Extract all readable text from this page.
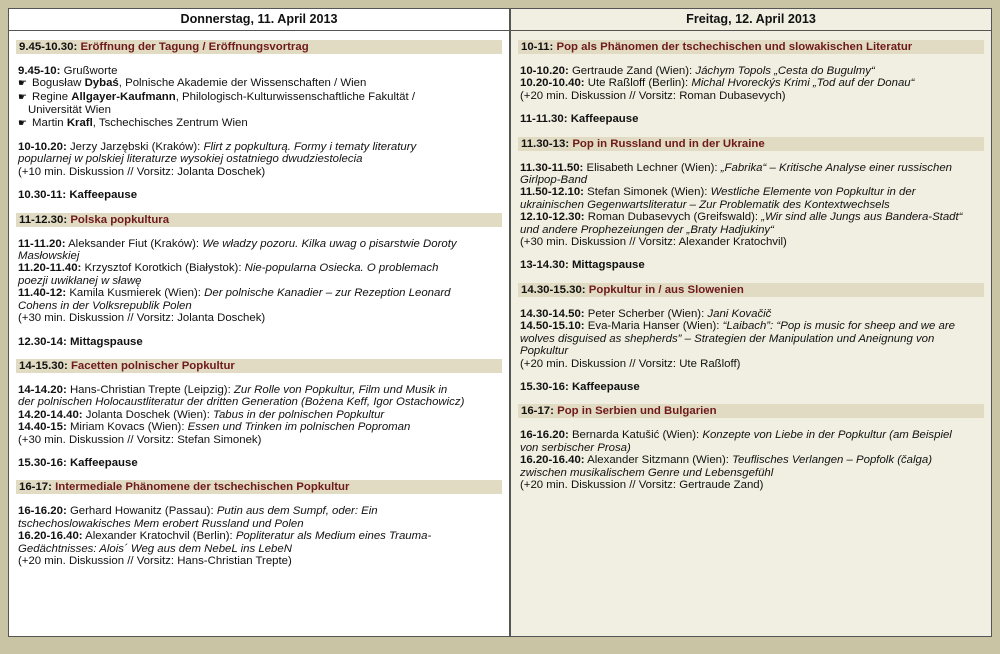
Donnerstag, 11. April 2013
9.45-10.30: Eröffnung der Tagung / Eröffnungsvortrag
9.45-10: Grußworte
☛ Bogusław Dybaś, Polnische Akademie der Wissenschaften / Wien
☛ Regine Allgayer-Kaufmann, Philologisch-Kulturwissenschaftliche Fakultät /
Universität Wien
☛ Martin Krafl, Tschechisches Zentrum Wien
10-10.20: Jerzy Jarzębski (Kraków): Flirt z popkulturą. Formy i tematy literatury
popularnej w polskiej literaturze wysokiej ostatniego dwudziestolecia
(+10 min. Diskussion // Vorsitz: Jolanta Doschek)
10.30-11: Kaffeepause
11-12.30: Polska popkultura
11-11.20: Aleksander Fiut (Kraków): We władzy pozoru. Kilka uwag o pisarstwie Doroty
Masłowskiej
11.20-11.40: Krzysztof Korotkich (Białystok): Nie-popularna Osiecka. O problemach
poezji uwikłanej w sławę
11.40-12: Kamila Kusmierek (Wien): Der polnische Kanadier – zur Rezeption Leonard
Cohens in der Volksrepublik Polen
(+30 min. Diskussion // Vorsitz: Jolanta Doschek)
12.30-14: Mittagspause
14-15.30: Facetten polnischer Popkultur
14-14.20: Hans-Christian Trepte (Leipzig): Zur Rolle von Popkultur, Film und Musik in
der polnischen Holocaustliteratur der dritten Generation (Bożena Keff, Igor Ostachowicz)
14.20-14.40: Jolanta Doschek (Wien): Tabus in der polnischen Popkultur
14.40-15: Miriam Kovacs (Wien): Essen und Trinken im polnischen Poproman
(+30 min. Diskussion // Vorsitz: Stefan Simonek)
15.30-16: Kaffeepause
16-17: Intermediale Phänomene der tschechischen Popkultur
16-16.20: Gerhard Howanitz (Passau): Putin aus dem Sumpf, oder: Ein
tschechoslowakisches Mem erobert Russland und Polen
16.20-16.40: Alexander Kratochvil (Berlin): Popliteratur als Medium eines Trauma-
Gedächtnisses: Alois´ Weg aus dem NebeL ins LebeN
(+20 min. Diskussion // Vorsitz: Hans-Christian Trepte)
Freitag, 12. April 2013
10-11: Pop als Phänomen der tschechischen und slowakischen Literatur
10-10.20: Gertraude Zand (Wien): Jáchym Topols „Cesta do Bugulmy“
10.20-10.40: Ute Raßloff (Berlin): Michal Hvoreckýs Krimi „Tod auf der Donau“
(+20 min. Diskussion // Vorsitz: Roman Dubasevych)
11-11.30: Kaffeepause
11.30-13: Pop in Russland und in der Ukraine
11.30-11.50: Elisabeth Lechner (Wien): „Fabrika“ – Kritische Analyse einer russischen
Girlpop-Band
11.50-12.10: Stefan Simonek (Wien): Westliche Elemente von Popkultur in der
ukrainischen Gegenwartsliteratur – Zur Problematik des Kontextwechsels
12.10-12.30: Roman Dubasevych (Greifswald): „Wir sind alle Jungs aus Bandera-Stadt“
und andere Prophezeiungen der „Braty Hadjukiny“
(+30 min. Diskussion // Vorsitz: Alexander Kratochvil)
13-14.30: Mittagspause
14.30-15.30: Popkultur in / aus Slowenien
14.30-14.50: Peter Scherber (Wien): Jani Kovačič
14.50-15.10: Eva-Maria Hanser (Wien): “Laibach”: “Pop is music for sheep and we are
wolves disguised as shepherds” – Strategien der Manipulation und Aneignung von
Popkultur
(+20 min. Diskussion // Vorsitz: Ute Raßloff)
15.30-16: Kaffeepause
16-17: Pop in Serbien und Bulgarien
16-16.20: Bernarda Katušić (Wien): Konzepte von Liebe in der Popkultur (am Beispiel
von serbischer Prosa)
16.20-16.40: Alexander Sitzmann (Wien): Teuflisches Verlangen – Popfolk (čalga)
zwischen musikalischem Genre und Lebensgefühl
(+20 min. Diskussion // Vorsitz: Gertraude Zand)
